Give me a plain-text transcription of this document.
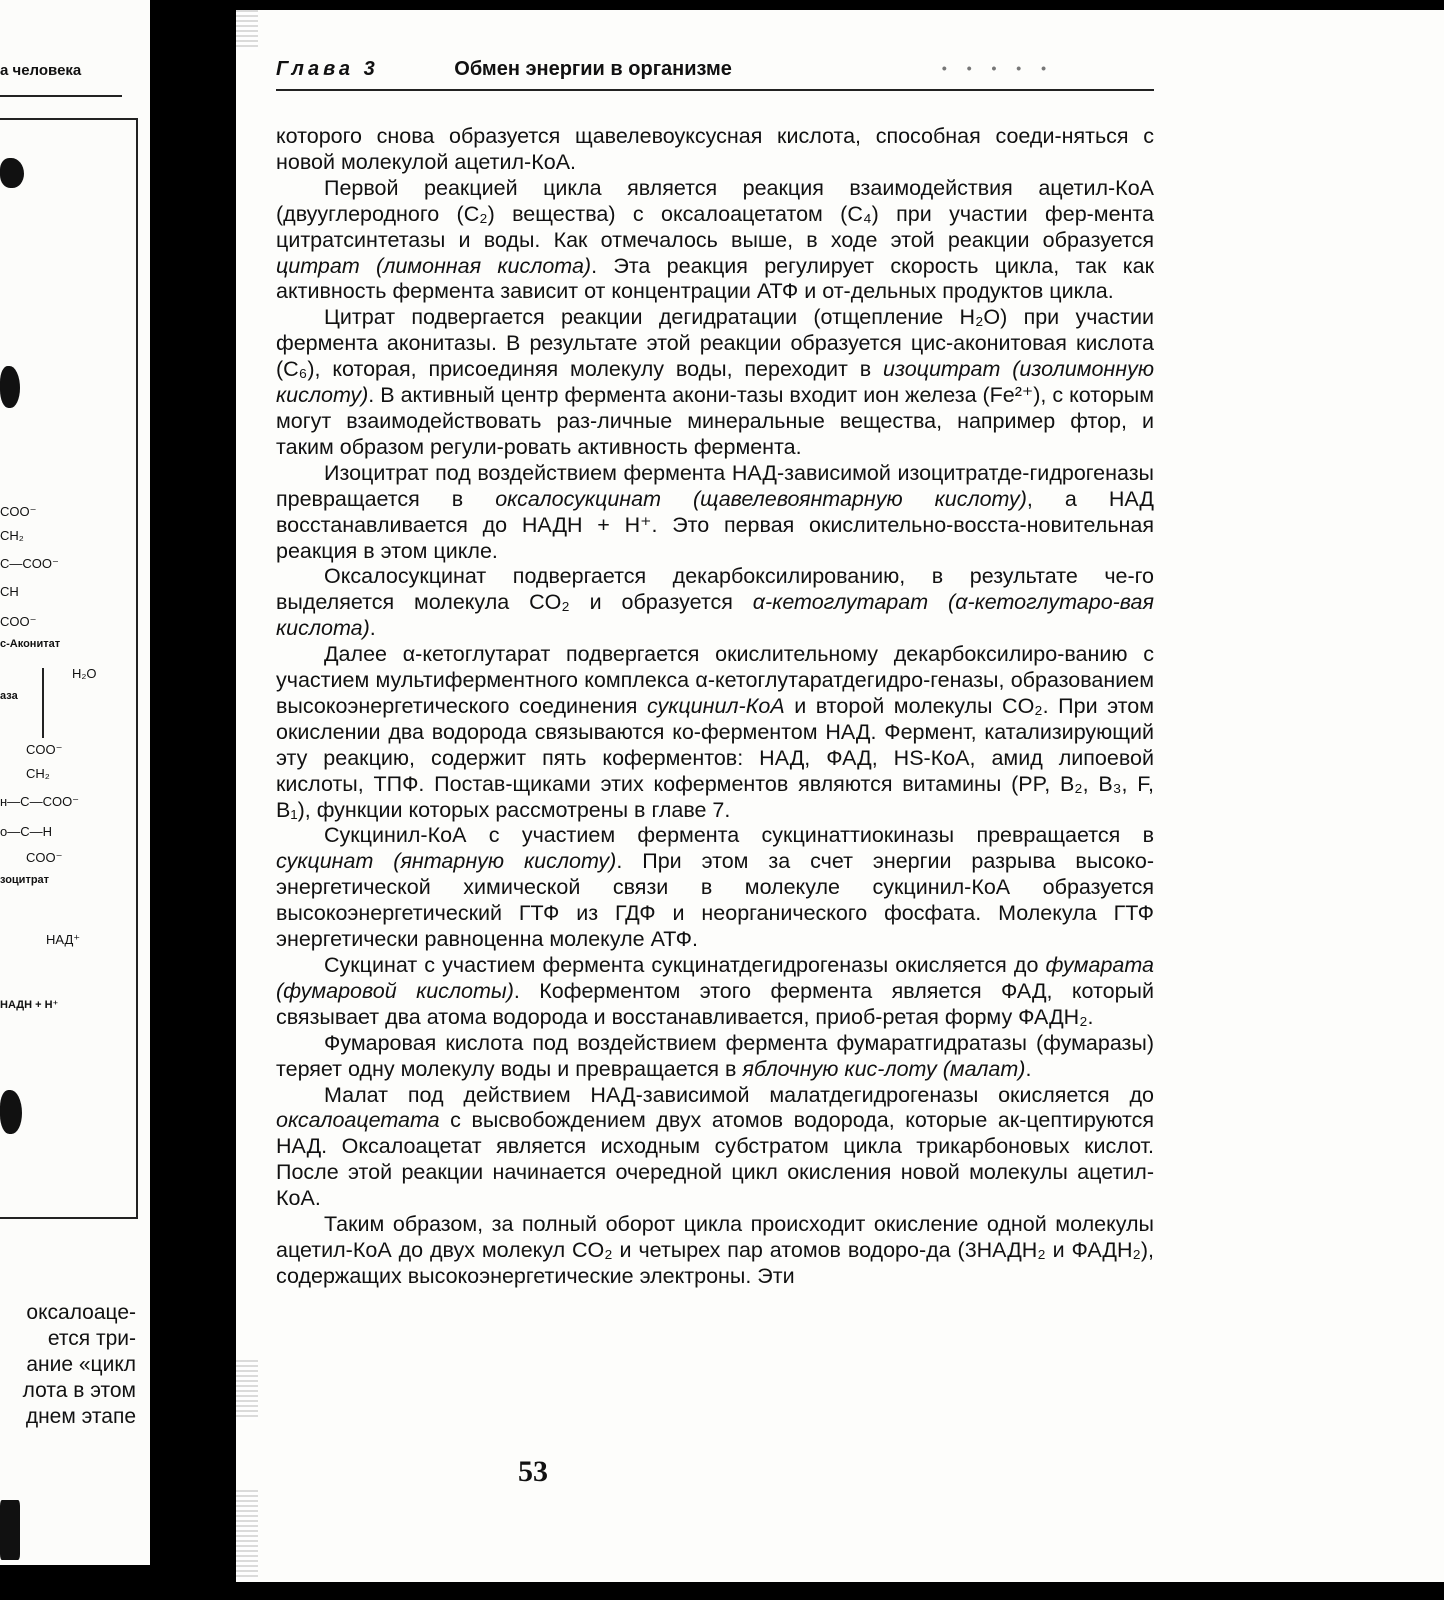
а человека
COO⁻
CH₂
C—COO⁻
CH
COO⁻
с-Аконитат
аза
H₂O
COO⁻
CH₂
н—C—COO⁻
о—C—H
COO⁻
зоцитрат
НАД⁺
НАДН + H⁺
оксалоаце-
ется три-
ание «цикл
лота в этом
днем этапе
Глава 3	Обмен энергии в организме	• • • • •

которого снова образуется щавелевоуксусная кислота, способная соеди-няться с новой молекулой ацетил-КоА.

Первой реакцией цикла является реакция взаимодействия ацетил-КоА (двууглеродного (C₂) вещества) с оксалоацетатом (C₄) при участии фер-мента цитратсинтетазы и воды. Как отмечалось выше, в ходе этой реакции образуется цитрат (лимонная кислота). Эта реакция регулирует скорость цикла, так как активность фермента зависит от концентрации АТФ и от-дельных продуктов цикла.

Цитрат подвергается реакции дегидратации (отщепление H₂O) при участии фермента аконитазы. В результате этой реакции образуется цис-аконитовая кислота (C₆), которая, присоединяя молекулу воды, переходит в изоцитрат (изолимонную кислоту). В активный центр фермента акони-тазы входит ион железа (Fe²⁺), с которым могут взаимодействовать раз-личные минеральные вещества, например фтор, и таким образом регули-ровать активность фермента.

Изоцитрат под воздействием фермента НАД-зависимой изоцитратде-гидрогеназы превращается в оксалосукцинат (щавелевоянтарную кислоту), а НАД восстанавливается до НАДН + H⁺. Это первая окислительно-восста-новительная реакция в этом цикле.

Оксалосукцинат подвергается декарбоксилированию, в результате че-го выделяется молекула CO₂ и образуется α-кетоглутарат (α-кетоглутаро-вая кислота).

Далее α-кетоглутарат подвергается окислительному декарбоксилиро-ванию с участием мультиферментного комплекса α-кетоглутаратдегидро-геназы, образованием высокоэнергетического соединения сукцинил-КоА и второй молекулы CO₂. При этом окислении два водорода связываются ко-ферментом НАД. Фермент, катализирующий эту реакцию, содержит пять коферментов: НАД, ФАД, HS-КоА, амид липоевой кислоты, ТПФ. Постав-щиками этих коферментов являются витамины (PP, B₂, B₃, F, B₁), функции которых рассмотрены в главе 7.

Сукцинил-КоА с участием фермента сукцинаттиокиназы превращается в сукцинат (янтарную кислоту). При этом за счет энергии разрыва высоко-энергетической химической связи в молекуле сукцинил-КоА образуется высокоэнергетический ГТФ из ГДФ и неорганического фосфата. Молекула ГТФ энергетически равноценна молекуле АТФ.

Сукцинат с участием фермента сукцинатдегидрогеназы окисляется до фумарата (фумаровой кислоты). Коферментом этого фермента является ФАД, который связывает два атома водорода и восстанавливается, приоб-ретая форму ФАДН₂.

Фумаровая кислота под воздействием фермента фумаратгидратазы (фумаразы) теряет одну молекулу воды и превращается в яблочную кис-лоту (малат).

Малат под действием НАД-зависимой малатдегидрогеназы окисляется до оксалоацетата с высвобождением двух атомов водорода, которые ак-цептируются НАД. Оксалоацетат является исходным субстратом цикла трикарбоновых кислот. После этой реакции начинается очередной цикл окисления новой молекулы ацетил-КоА.

Таким образом, за полный оборот цикла происходит окисление одной молекулы ацетил-КоА до двух молекул CO₂ и четырех пар атомов водоро-да (3НАДН₂ и ФАДН₂), содержащих высокоэнергетические электроны. Эти

53
